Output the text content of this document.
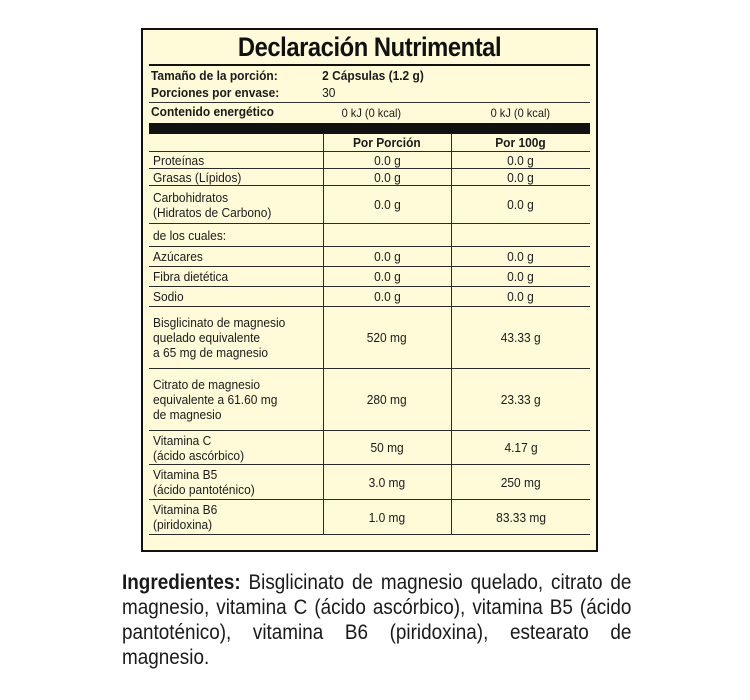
Declaración Nutrimental
Tamaño de la porción:	2 Cápsulas (1.2 g)
Porciones por envase:	30
Contenido energético	0 kJ (0 kcal)	0 kJ (0 kcal)
	Por Porción	Por 100g
Proteínas	0.0 g	0.0 g
Grasas (Lípidos)	0.0 g	0.0 g
Carbohidratos
(Hidratos de Carbono)	0.0 g	0.0 g
de los cuales:		
Azúcares	0.0 g	0.0 g
Fibra dietética	0.0 g	0.0 g
Sodio	0.0 g	0.0 g
Bisglicinato de magnesio
quelado equivalente
a 65 mg de magnesio	520 mg	43.33 g
Citrato de magnesio
equivalente a 61.60 mg
de magnesio	280 mg	23.33 g
Vitamina C
(ácido ascórbico)	50 mg	4.17 g
Vitamina B5
(ácido pantoténico)	3.0 mg	250 mg
Vitamina B6
(piridoxina)	1.0 mg	83.33 mg
Ingredientes: Bisglicinato de magnesio quelado, citrato de magnesio, vitamina C (ácido ascórbico), vitamina B5 (ácido pantoténico), vitamina B6 (piridoxina), estearato de magnesio.
